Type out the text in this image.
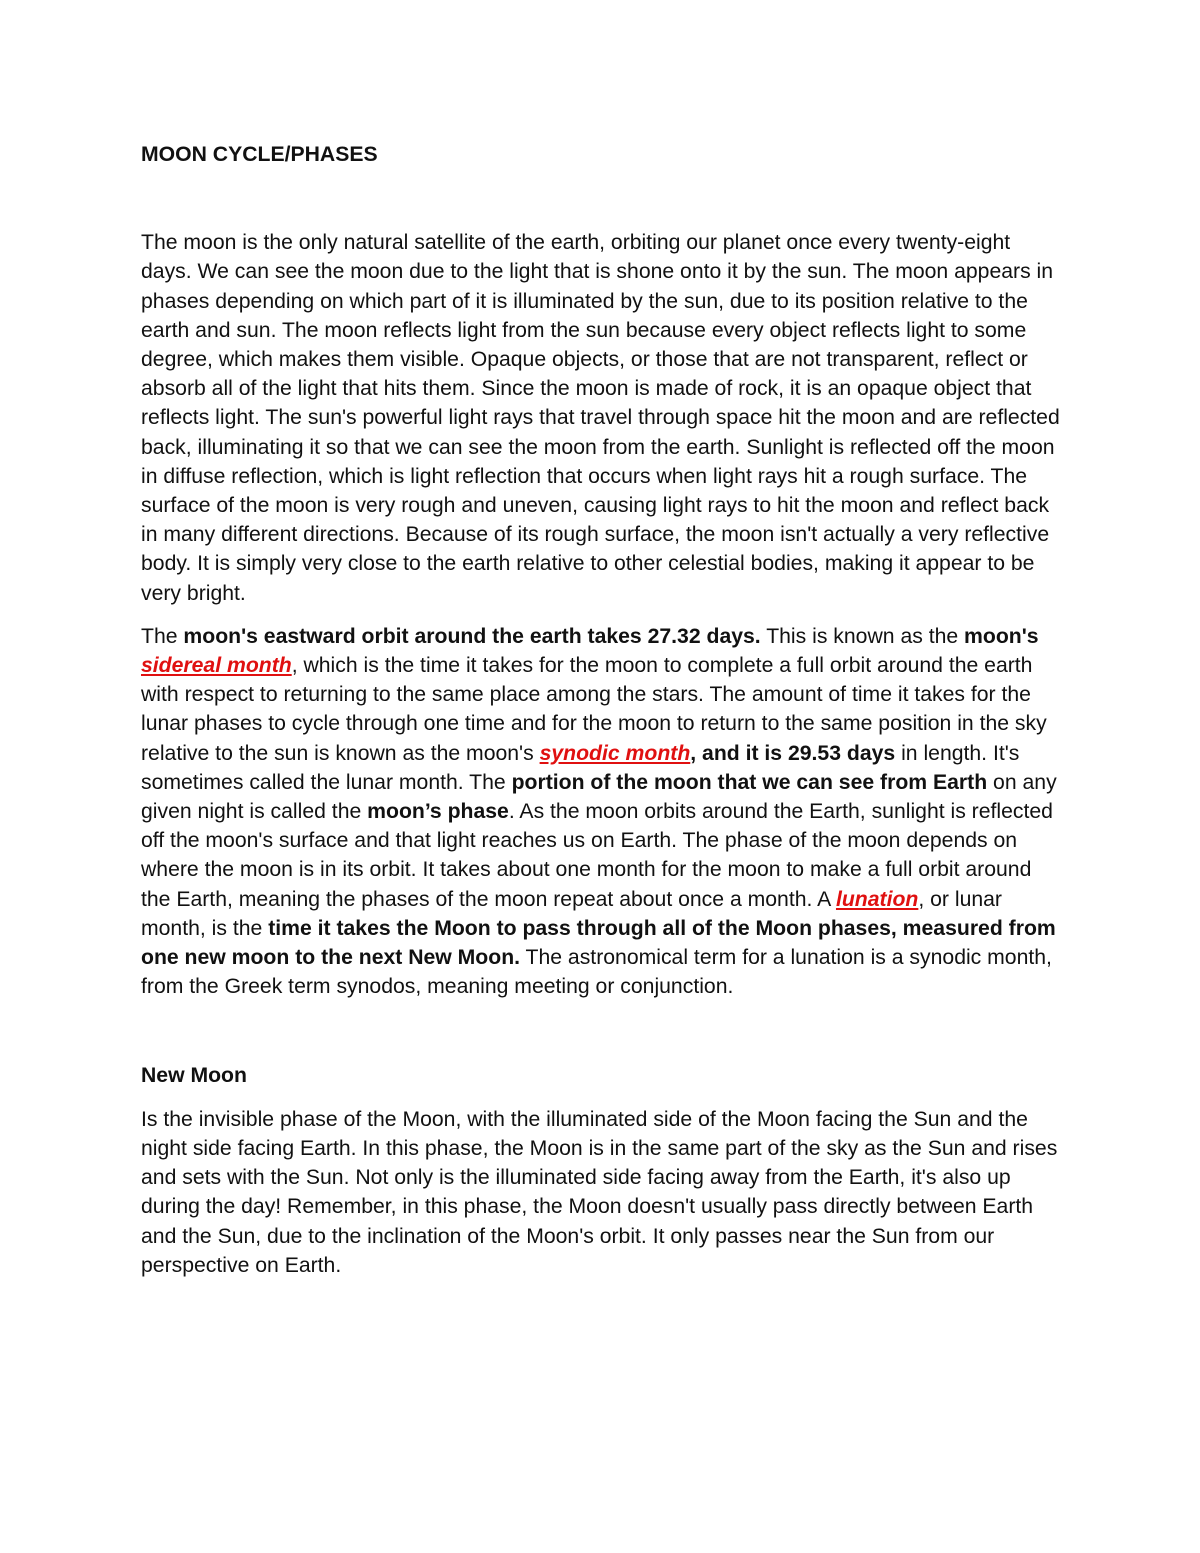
MOON CYCLE/PHASES

The moon is the only natural satellite of the earth, orbiting our planet once every twenty-eight days. We can see the moon due to the light that is shone onto it by the sun. The moon appears in phases depending on which part of it is illuminated by the sun, due to its position relative to the earth and sun. The moon reflects light from the sun because every object reflects light to some degree, which makes them visible. Opaque objects, or those that are not transparent, reflect or absorb all of the light that hits them. Since the moon is made of rock, it is an opaque object that reflects light. The sun's powerful light rays that travel through space hit the moon and are reflected back, illuminating it so that we can see the moon from the earth. Sunlight is reflected off the moon in diffuse reflection, which is light reflection that occurs when light rays hit a rough surface. The surface of the moon is very rough and uneven, causing light rays to hit the moon and reflect back in many different directions. Because of its rough surface, the moon isn't actually a very reflective body. It is simply very close to the earth relative to other celestial bodies, making it appear to be very bright.

The moon's eastward orbit around the earth takes 27.32 days. This is known as the moon's sidereal month, which is the time it takes for the moon to complete a full orbit around the earth with respect to returning to the same place among the stars. The amount of time it takes for the lunar phases to cycle through one time and for the moon to return to the same position in the sky relative to the sun is known as the moon's synodic month, and it is 29.53 days in length. It's sometimes called the lunar month. The portion of the moon that we can see from Earth on any given night is called the moon’s phase. As the moon orbits around the Earth, sunlight is reflected off the moon's surface and that light reaches us on Earth. The phase of the moon depends on where the moon is in its orbit. It takes about one month for the moon to make a full orbit around the Earth, meaning the phases of the moon repeat about once a month. A lunation, or lunar month, is the time it takes the Moon to pass through all of the Moon phases, measured from one new moon to the next New Moon. The astronomical term for a lunation is a synodic month, from the Greek term synodos, meaning meeting or conjunction.

New Moon

Is the invisible phase of the Moon, with the illuminated side of the Moon facing the Sun and the night side facing Earth. In this phase, the Moon is in the same part of the sky as the Sun and rises and sets with the Sun. Not only is the illuminated side facing away from the Earth, it's also up during the day! Remember, in this phase, the Moon doesn't usually pass directly between Earth and the Sun, due to the inclination of the Moon's orbit. It only passes near the Sun from our perspective on Earth.
